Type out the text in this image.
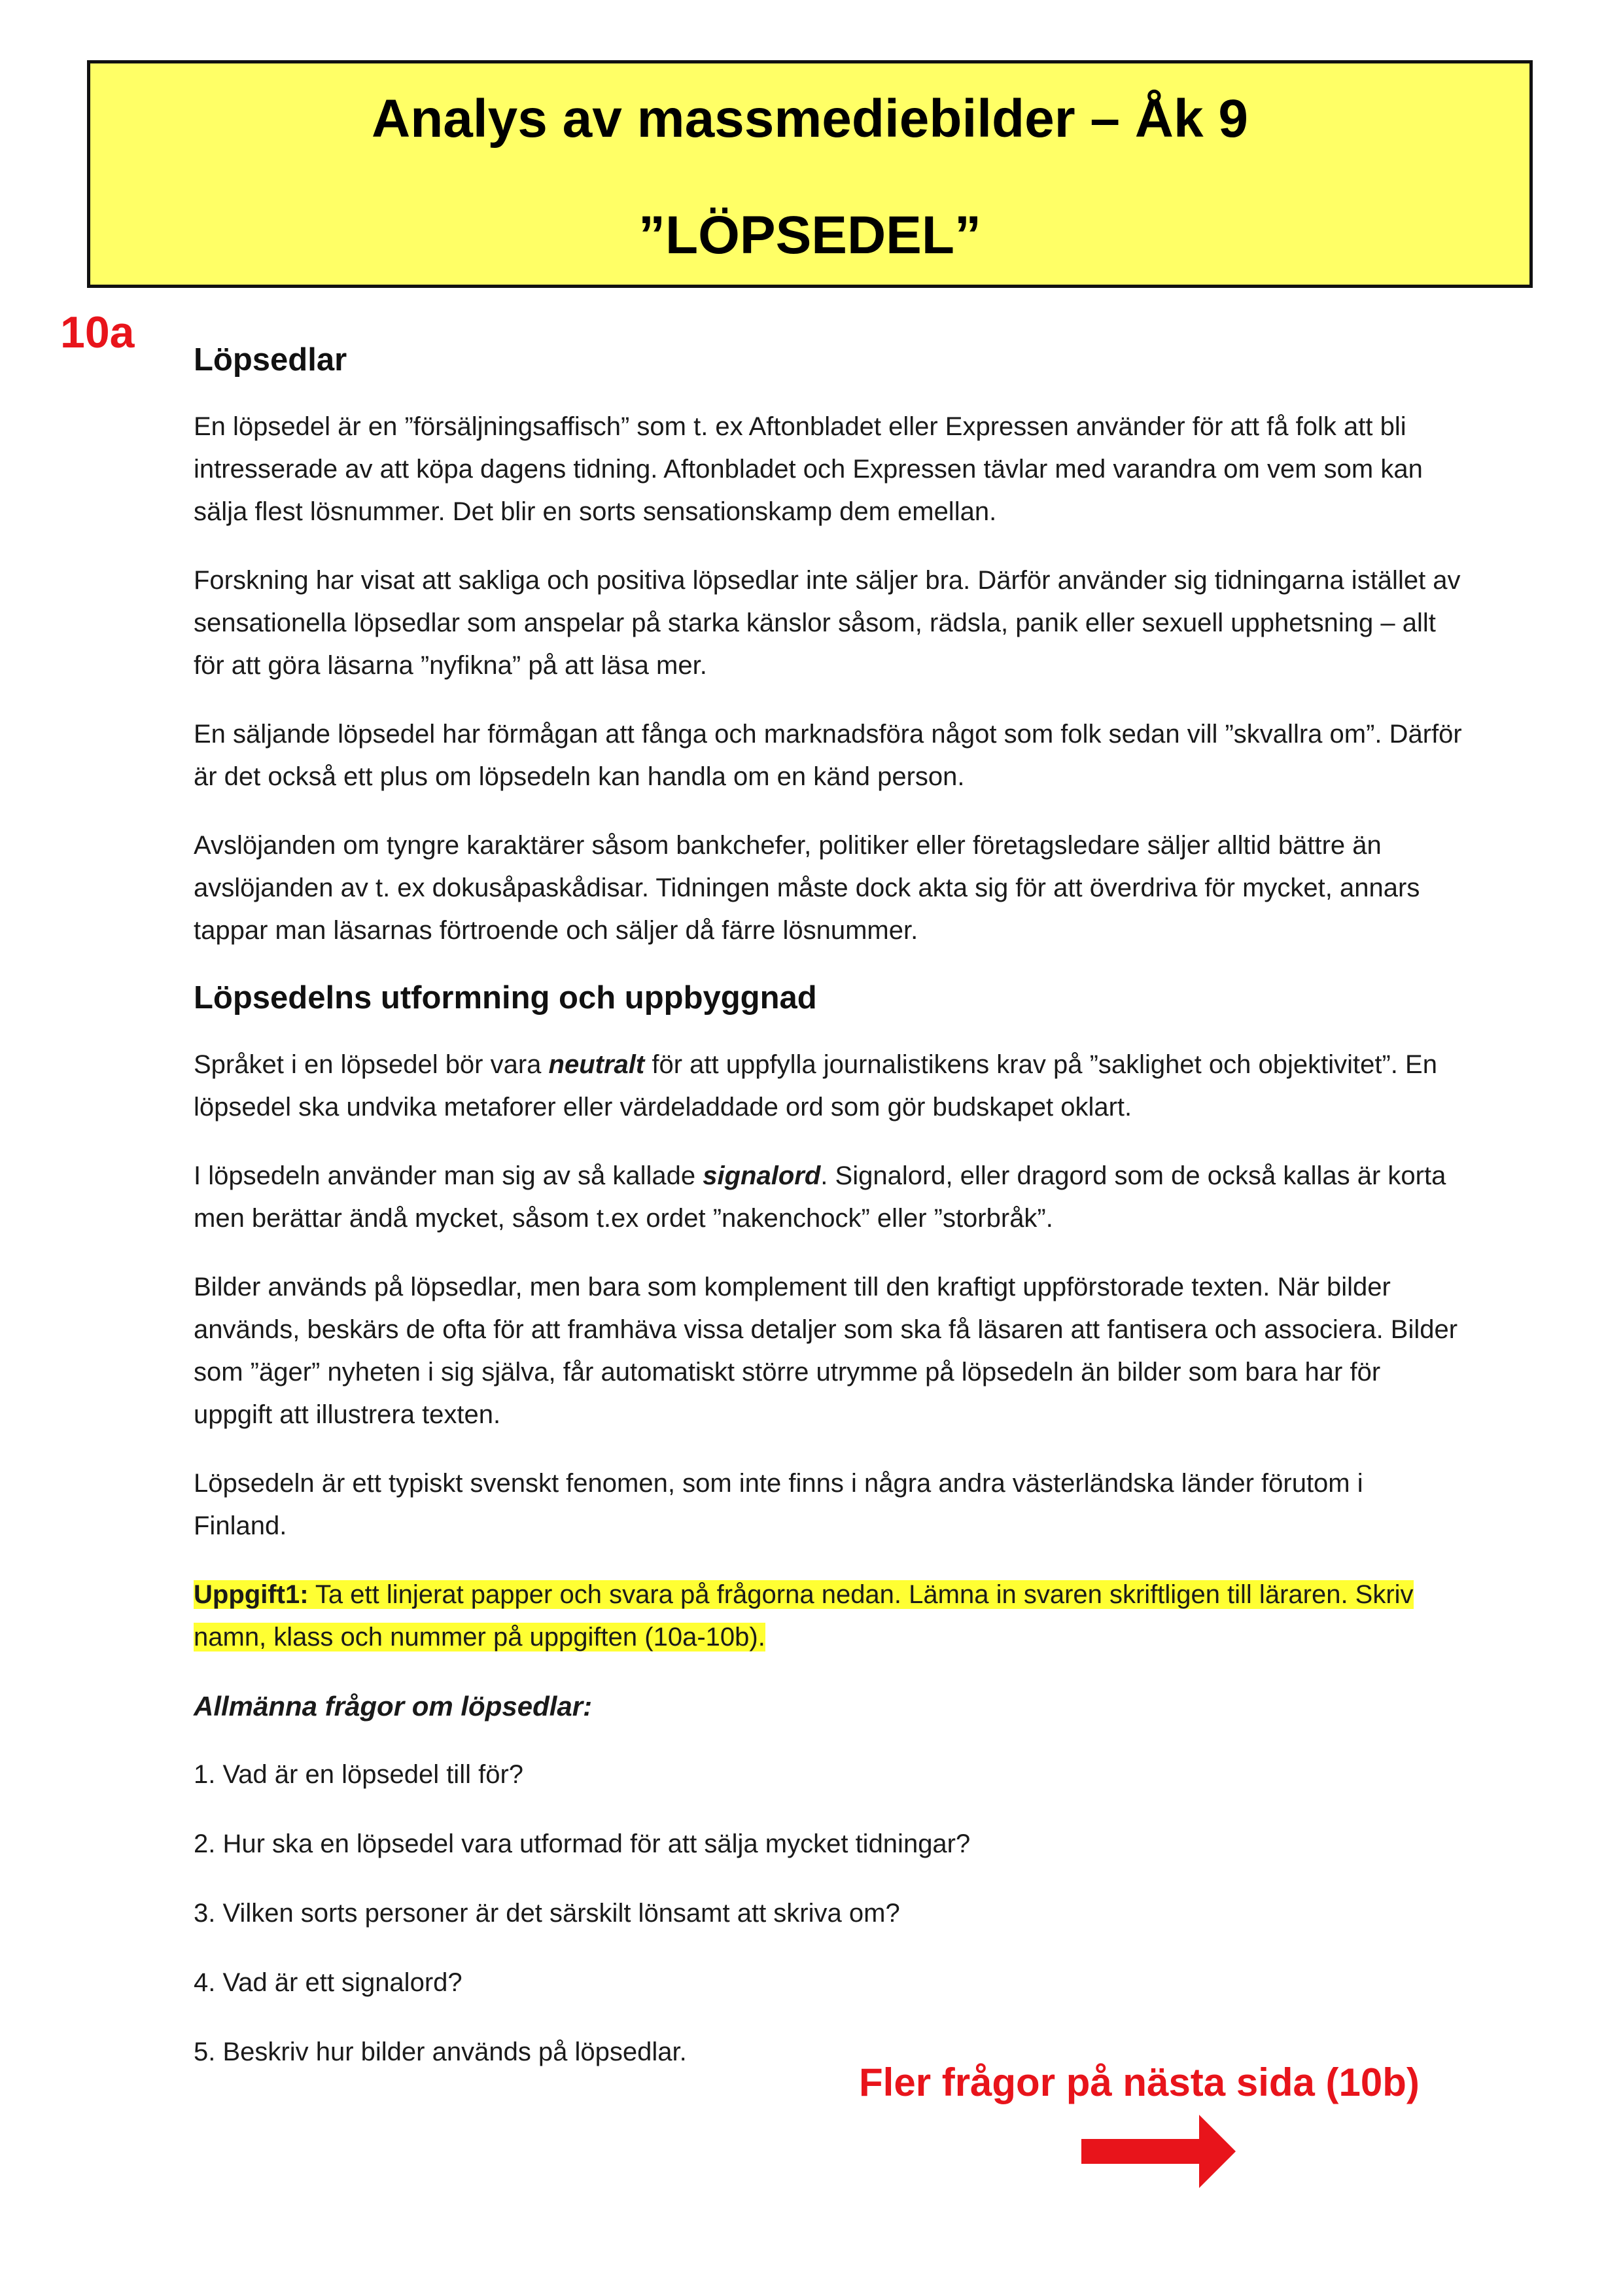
Analys av massmediebilder – Åk 9
”LÖPSEDEL”
10a
Löpsedlar

En löpsedel är en ”försäljningsaffisch” som t. ex Aftonbladet eller Expressen använder för att få folk att bli intresserade av att köpa dagens tidning. Aftonbladet och Expressen tävlar med varandra om vem som kan sälja flest lösnummer. Det blir en sorts sensationskamp dem emellan.

Forskning har visat att sakliga och positiva löpsedlar inte säljer bra. Därför använder sig tidningarna istället av sensationella löpsedlar som anspelar på starka känslor såsom, rädsla, panik eller sexuell upphetsning – allt för att göra läsarna ”nyfikna” på att läsa mer.

En säljande löpsedel har förmågan att fånga och marknadsföra något som folk sedan vill ”skvallra om”. Därför är det också ett plus om löpsedeln kan handla om en känd person.

Avslöjanden om tyngre karaktärer såsom bankchefer, politiker eller företagsledare säljer alltid bättre än avslöjanden av t. ex dokusåpaskådisar. Tidningen måste dock akta sig för att överdriva för mycket, annars tappar man läsarnas förtroende och säljer då färre lösnummer.

Löpsedelns utformning och uppbyggnad

Språket i en löpsedel bör vara neutralt för att uppfylla journalistikens krav på ”saklighet och objektivitet”. En löpsedel ska undvika metaforer eller värdeladdade ord som gör budskapet oklart.

I löpsedeln använder man sig av så kallade signalord. Signalord, eller dragord som de också kallas är korta men berättar ändå mycket, såsom t.ex ordet ”nakenchock” eller ”storbråk”.

Bilder används på löpsedlar, men bara som komplement till den kraftigt uppförstorade texten. När bilder används, beskärs de ofta för att framhäva vissa detaljer som ska få läsaren att fantisera och associera. Bilder som ”äger” nyheten i sig själva, får automatiskt större utrymme på löpsedeln än bilder som bara har för uppgift att illustrera texten.

Löpsedeln är ett typiskt svenskt fenomen, som inte finns i några andra västerländska länder förutom i Finland.

Uppgift1: Ta ett linjerat papper och svara på frågorna nedan. Lämna in svaren skriftligen till läraren. Skriv namn, klass och nummer på uppgiften (10a-10b).

Allmänna frågor om löpsedlar:
1. Vad är en löpsedel till för?
2. Hur ska en löpsedel vara utformad för att sälja mycket tidningar?
3. Vilken sorts personer är det särskilt lönsamt att skriva om?
4. Vad är ett signalord?
5. Beskriv hur bilder används på löpsedlar.
Fler frågor på nästa sida (10b)
